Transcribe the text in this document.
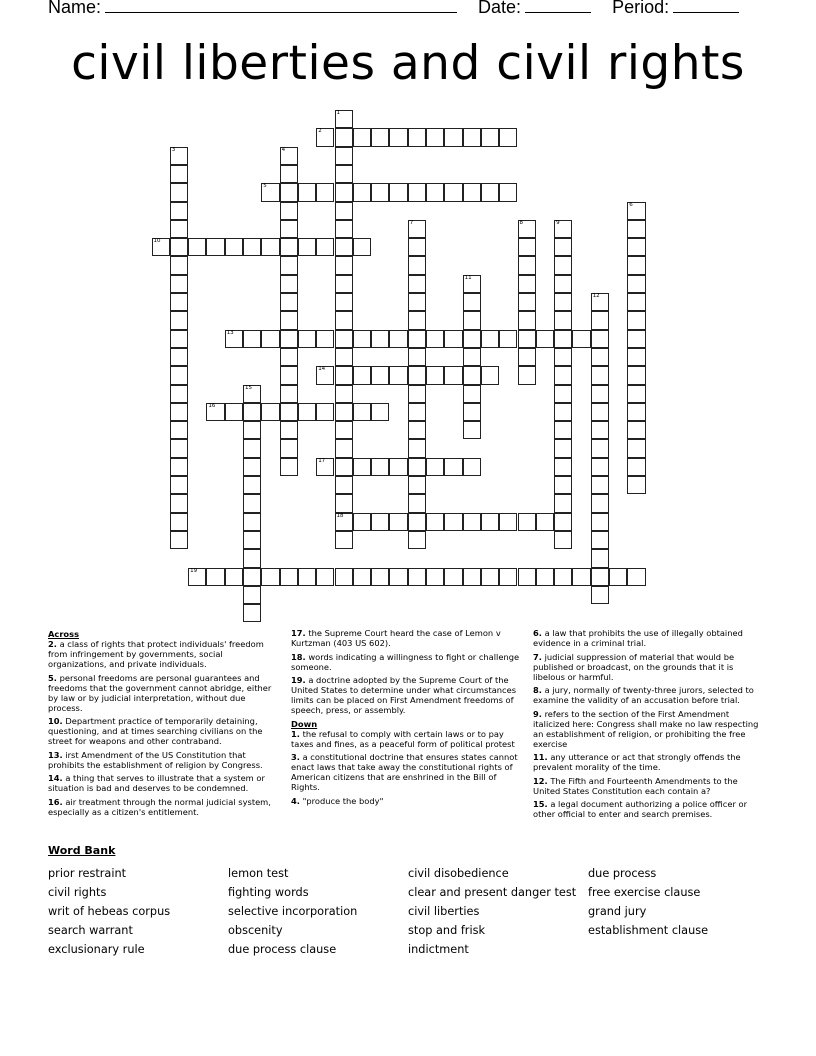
Name:	Date:	Period:
civil liberties and civil rights
1
18
2
3	4
5
6
7	8	9
10
11
12
13
14
15
16
17
19
Across
2. a class of rights that protect individuals' freedom from infringement by governments, social organizations, and private individuals.
5. personal freedoms are personal guarantees and freedoms that the government cannot abridge, either by law or by judicial interpretation, without due process.
10. Department practice of temporarily detaining, questioning, and at times searching civilians on the street for weapons and other contraband.
13. irst Amendment of the US Constitution that prohibits the establishment of religion by Congress.
14. a thing that serves to illustrate that a system or situation is bad and deserves to be condemned.
16. air treatment through the normal judicial system, especially as a citizen's entitlement.
17. the Supreme Court heard the case of Lemon v Kurtzman (403 US 602).
18. words indicating a willingness to fight or challenge someone.
19. a doctrine adopted by the Supreme Court of the United States to determine under what circumstances limits can be placed on First Amendment freedoms of speech, press, or assembly.
Down
1. the refusal to comply with certain laws or to pay taxes and fines, as a peaceful form of political protest
3. a constitutional doctrine that ensures states cannot enact laws that take away the constitutional rights of American citizens that are enshrined in the Bill of Rights.
4. "produce the body"
6. a law that prohibits the use of illegally obtained evidence in a criminal trial.
7. judicial suppression of material that would be published or broadcast, on the grounds that it is libelous or harmful.
8. a jury, normally of twenty-three jurors, selected to examine the validity of an accusation before trial.
9. refers to the section of the First Amendment italicized here: Congress shall make no law respecting an establishment of religion, or prohibiting the free exercise
11. any utterance or act that strongly offends the prevalent morality of the time.
12. The Fifth and Fourteenth Amendments to the United States Constitution each contain a?
15. a legal document authorizing a police officer or other official to enter and search premises.
Word Bank
prior restraint
civil rights
writ of hebeas corpus
search warrant
exclusionary rule
lemon test
fighting words
selective incorporation
obscenity
due process clause
civil disobedience
clear and present danger test
civil liberties
stop and frisk
indictment
due process
free exercise clause
grand jury
establishment clause
